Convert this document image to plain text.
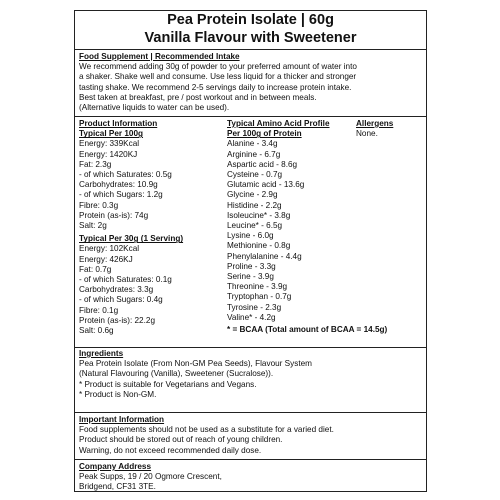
Pea Protein Isolate | 60g
Vanilla Flavour with Sweetener
Food Supplement | Recommended Intake
We recommend adding 30g of powder to your preferred amount of water into
a shaker. Shake well and consume. Use less liquid for a thicker and stronger
tasting shake. We recommend 2-5 servings daily to increase protein intake.
Best taken at breakfast, pre / post workout and in between meals.
(Alternative liquids to water can be used).
Product Information
Typical Per 100g
Energy: 339Kcal
Energy: 1420KJ
Fat: 2.3g
- of which Saturates: 0.5g
Carbohydrates: 10.9g
- of which Sugars: 1.2g
Fibre: 0.3g
Protein (as-is): 74g
Salt: 2g
Typical Per 30g (1 Serving)
Energy: 102Kcal
Energy: 426KJ
Fat: 0.7g
- of which Saturates: 0.1g
Carbohydrates: 3.3g
- of which Sugars: 0.4g
Fibre: 0.1g
Protein (as-is): 22.2g
Salt: 0.6g
Typical Amino Acid Profile
Per 100g of Protein
Alanine - 3.4g
Arginine - 6.7g
Aspartic acid - 8.6g
Cysteine - 0.7g
Glutamic acid - 13.6g
Glycine - 2.9g
Histidine - 2.2g
Isoleucine* - 3.8g
Leucine* - 6.5g
Lysine - 6.0g
Methionine - 0.8g
Phenylalanine - 4.4g
Proline - 3.3g
Serine - 3.9g
Threonine - 3.9g
Tryptophan - 0.7g
Tyrosine - 2.3g
Valine* - 4.2g
* = BCAA (Total amount of BCAA = 14.5g)
Allergens
None.
Ingredients
Pea Protein Isolate (From Non-GM Pea Seeds), Flavour System
(Natural Flavouring (Vanilla), Sweetener (Sucralose)).
* Product is suitable for Vegetarians and Vegans.
* Product is Non-GM.
Important Information
Food supplements should not be used as a substitute for a varied diet.
Product should be stored out of reach of young children.
Warning, do not exceed recommended daily dose.
Company Address
Peak Supps, 19 / 20 Ogmore Crescent,
Bridgend, CF31 3TE.
